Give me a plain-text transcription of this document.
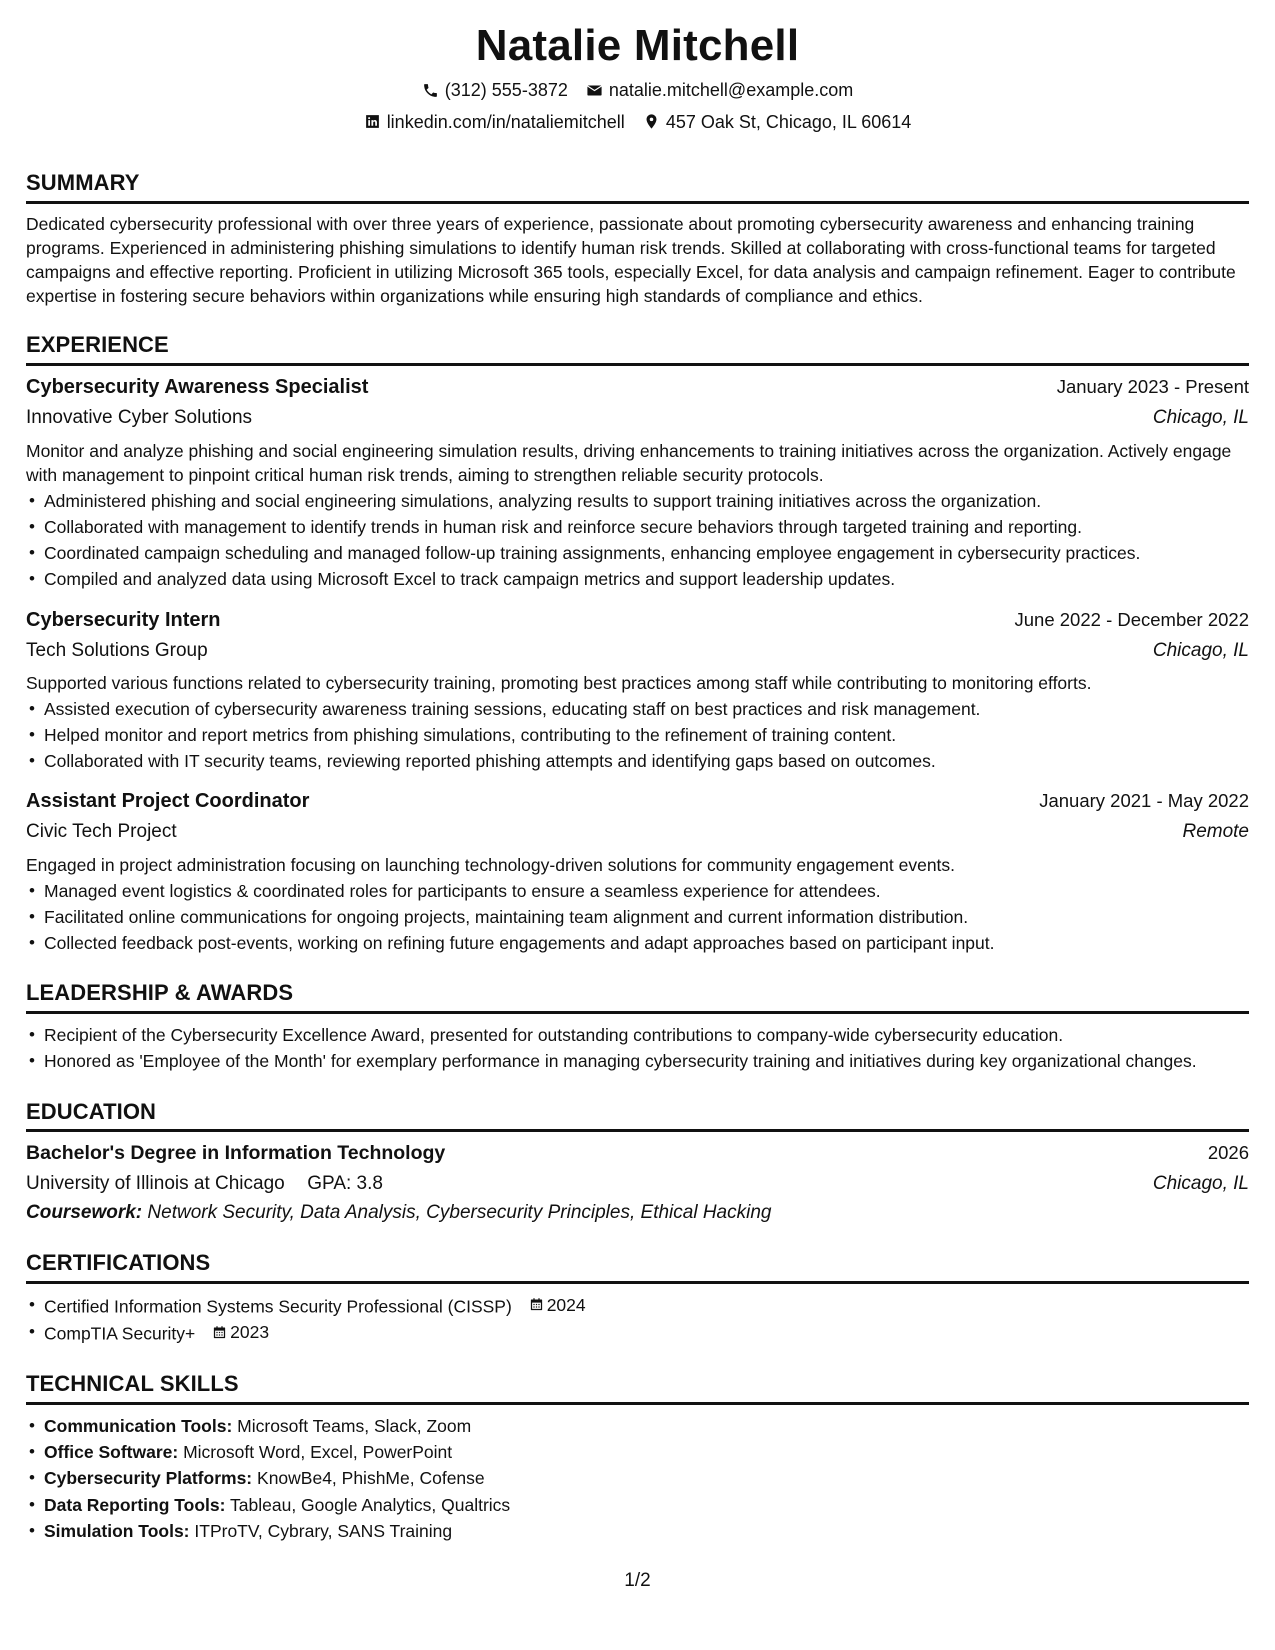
Natalie Mitchell
(312) 555-3872 natalie.mitchell@example.com
linkedin.com/in/nataliemitchell 457 Oak St, Chicago, IL 60614
SUMMARY
Dedicated cybersecurity professional with over three years of experience, passionate about promoting cybersecurity awareness and enhancing training programs. Experienced in administering phishing simulations to identify human risk trends. Skilled at collaborating with cross-functional teams for targeted campaigns and effective reporting. Proficient in utilizing Microsoft 365 tools, especially Excel, for data analysis and campaign refinement. Eager to contribute expertise in fostering secure behaviors within organizations while ensuring high standards of compliance and ethics.
EXPERIENCE
Cybersecurity Awareness Specialist	January 2023 - Present
Innovative Cyber Solutions	Chicago, IL
Monitor and analyze phishing and social engineering simulation results, driving enhancements to training initiatives across the organization. Actively engage with management to pinpoint critical human risk trends, aiming to strengthen reliable security protocols.
• Administered phishing and social engineering simulations, analyzing results to support training initiatives across the organization.
• Collaborated with management to identify trends in human risk and reinforce secure behaviors through targeted training and reporting.
• Coordinated campaign scheduling and managed follow-up training assignments, enhancing employee engagement in cybersecurity practices.
• Compiled and analyzed data using Microsoft Excel to track campaign metrics and support leadership updates.
Cybersecurity Intern	June 2022 - December 2022
Tech Solutions Group	Chicago, IL
Supported various functions related to cybersecurity training, promoting best practices among staff while contributing to monitoring efforts.
• Assisted execution of cybersecurity awareness training sessions, educating staff on best practices and risk management.
• Helped monitor and report metrics from phishing simulations, contributing to the refinement of training content.
• Collaborated with IT security teams, reviewing reported phishing attempts and identifying gaps based on outcomes.
Assistant Project Coordinator	January 2021 - May 2022
Civic Tech Project	Remote
Engaged in project administration focusing on launching technology-driven solutions for community engagement events.
• Managed event logistics & coordinated roles for participants to ensure a seamless experience for attendees.
• Facilitated online communications for ongoing projects, maintaining team alignment and current information distribution.
• Collected feedback post-events, working on refining future engagements and adapt approaches based on participant input.
LEADERSHIP & AWARDS
• Recipient of the Cybersecurity Excellence Award, presented for outstanding contributions to company-wide cybersecurity education.
• Honored as 'Employee of the Month' for exemplary performance in managing cybersecurity training and initiatives during key organizational changes.
EDUCATION
Bachelor's Degree in Information Technology	2026
University of Illinois at Chicago GPA: 3.8	Chicago, IL
Coursework: Network Security, Data Analysis, Cybersecurity Principles, Ethical Hacking
CERTIFICATIONS
• Certified Information Systems Security Professional (CISSP) 2024
• CompTIA Security+ 2023
TECHNICAL SKILLS
• Communication Tools: Microsoft Teams, Slack, Zoom
• Office Software: Microsoft Word, Excel, PowerPoint
• Cybersecurity Platforms: KnowBe4, PhishMe, Cofense
• Data Reporting Tools: Tableau, Google Analytics, Qualtrics
• Simulation Tools: ITProTV, Cybrary, SANS Training
1/2
